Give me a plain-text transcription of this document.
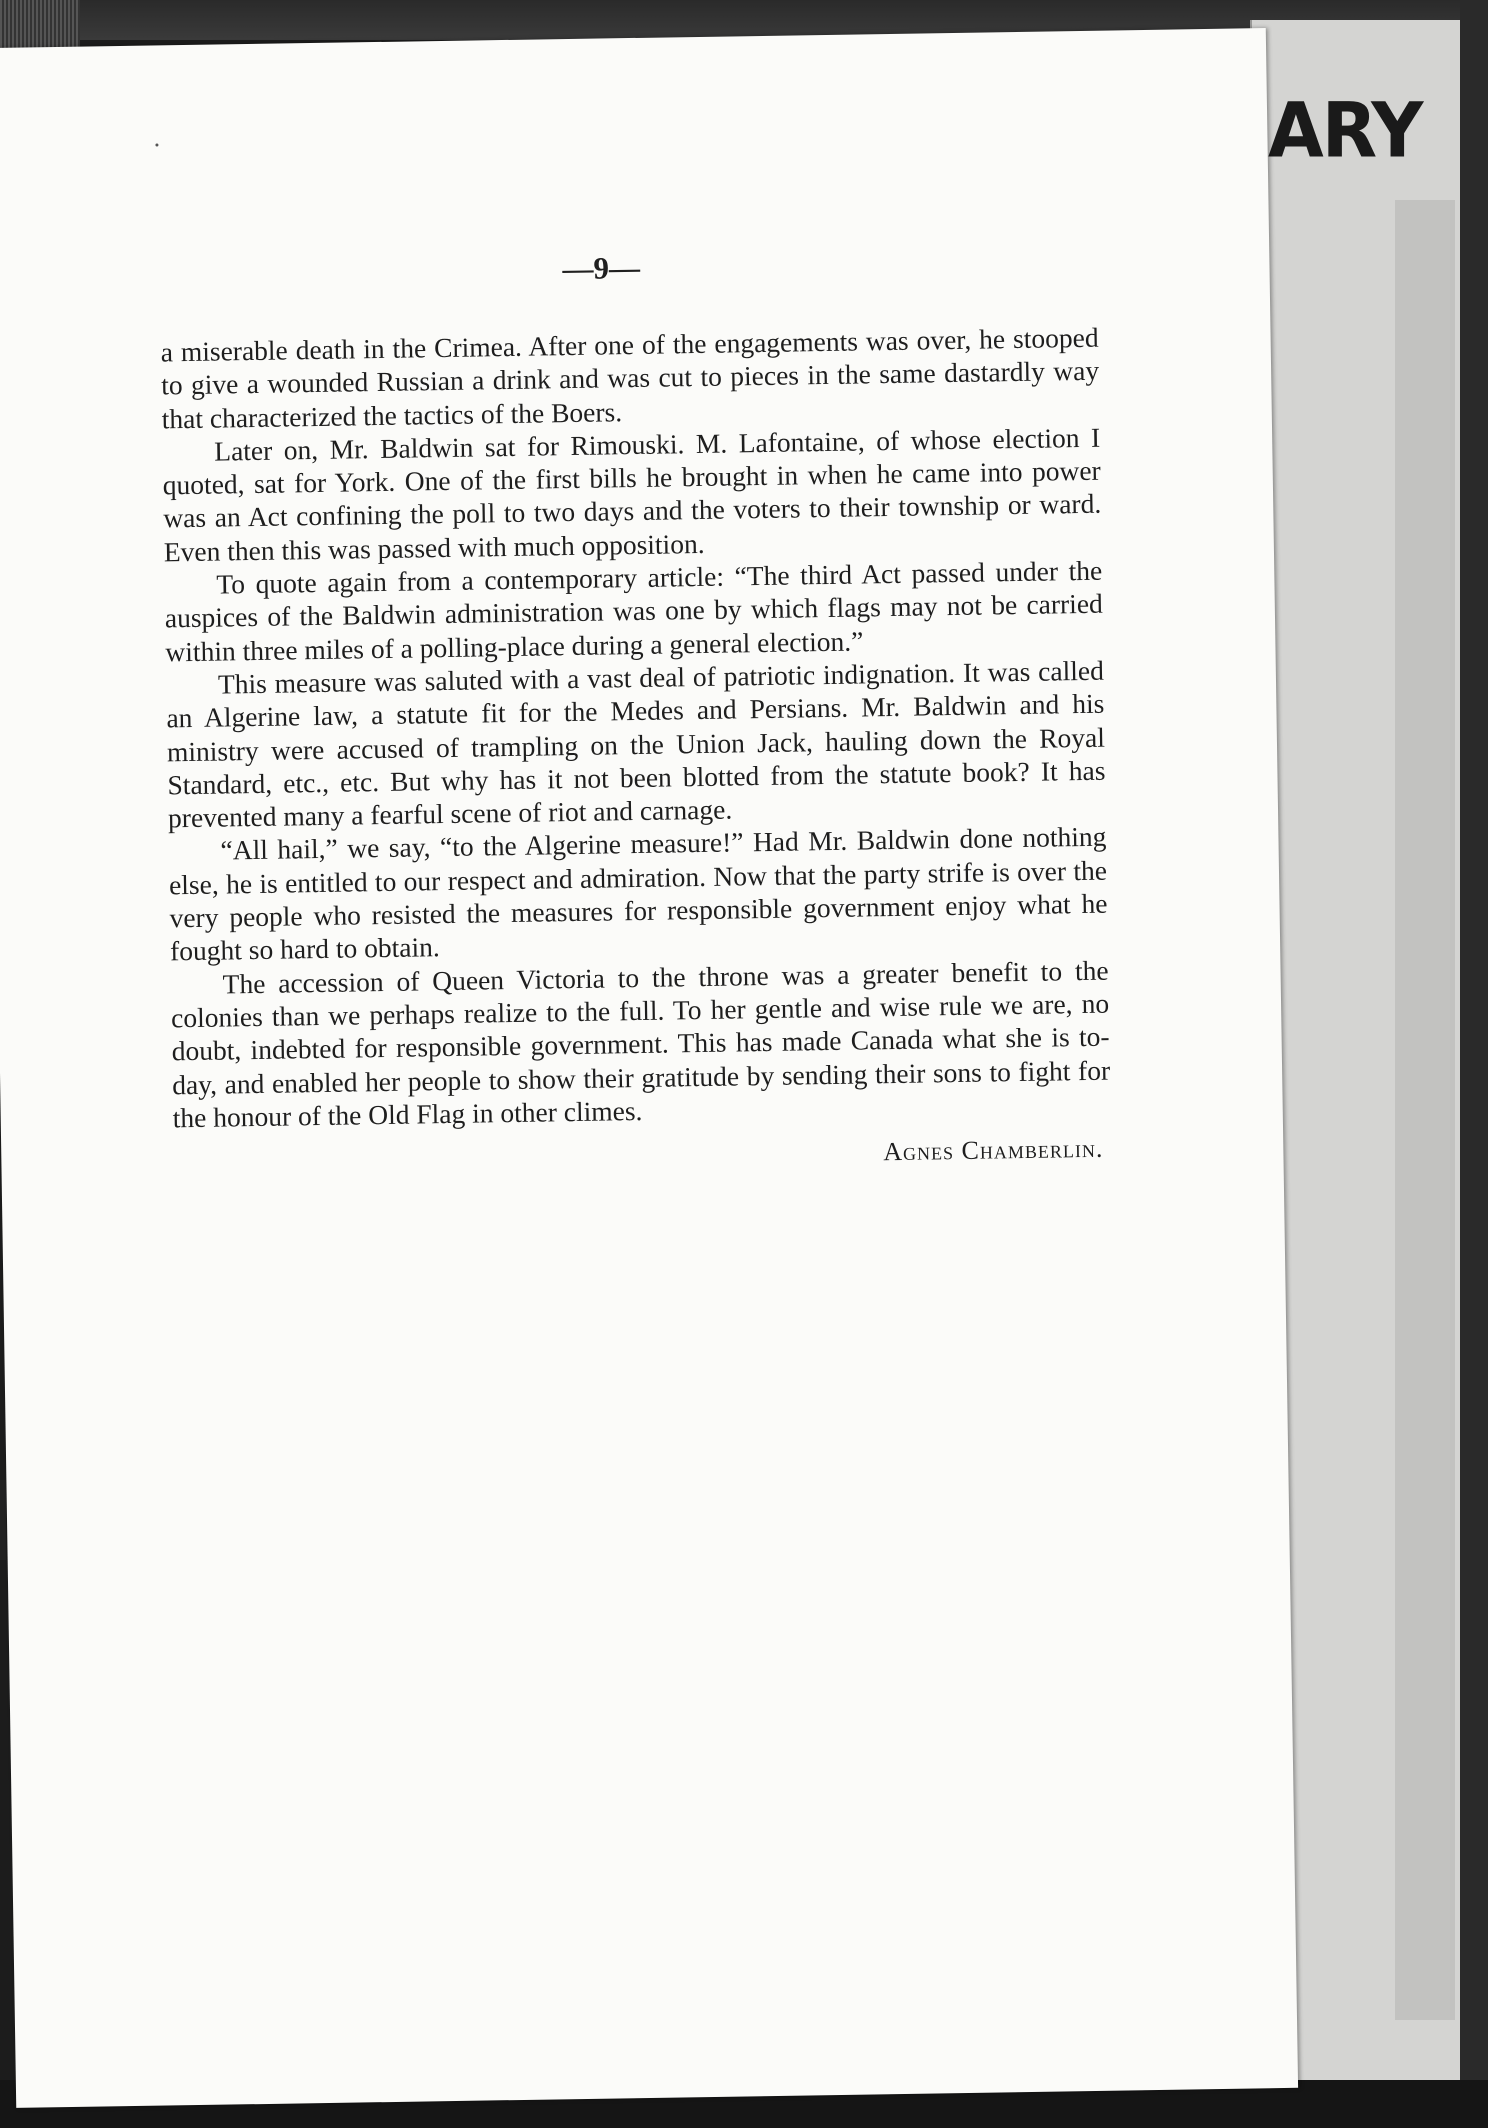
ARY
—9—

a miserable death in the Crimea. After one of the engagements was over, he stooped to give a wounded Russian a drink and was cut to pieces in the same dastardly way that characterized the tactics of the Boers.

Later on, Mr. Baldwin sat for Rimouski. M. Lafontaine, of whose election I quoted, sat for York. One of the first bills he brought in when he came into power was an Act confining the poll to two days and the voters to their township or ward. Even then this was passed with much opposition.

To quote again from a contemporary article: “The third Act passed under the auspices of the Baldwin administration was one by which flags may not be carried within three miles of a polling-place during a general election.”

This measure was saluted with a vast deal of patriotic indignation. It was called an Algerine law, a statute fit for the Medes and Persians. Mr. Baldwin and his ministry were accused of trampling on the Union Jack, hauling down the Royal Standard, etc., etc. But why has it not been blotted from the statute book? It has prevented many a fearful scene of riot and carnage.

“All hail,” we say, “to the Algerine measure!” Had Mr. Baldwin done nothing else, he is entitled to our respect and admiration. Now that the party strife is over the very people who resisted the measures for responsible government enjoy what he fought so hard to obtain.

The accession of Queen Victoria to the throne was a greater benefit to the colonies than we perhaps realize to the full. To her gentle and wise rule we are, no doubt, indebted for responsible government. This has made Canada what she is to-day, and enabled her people to show their gratitude by sending their sons to fight for the honour of the Old Flag in other climes.

Agnes Chamberlin.
